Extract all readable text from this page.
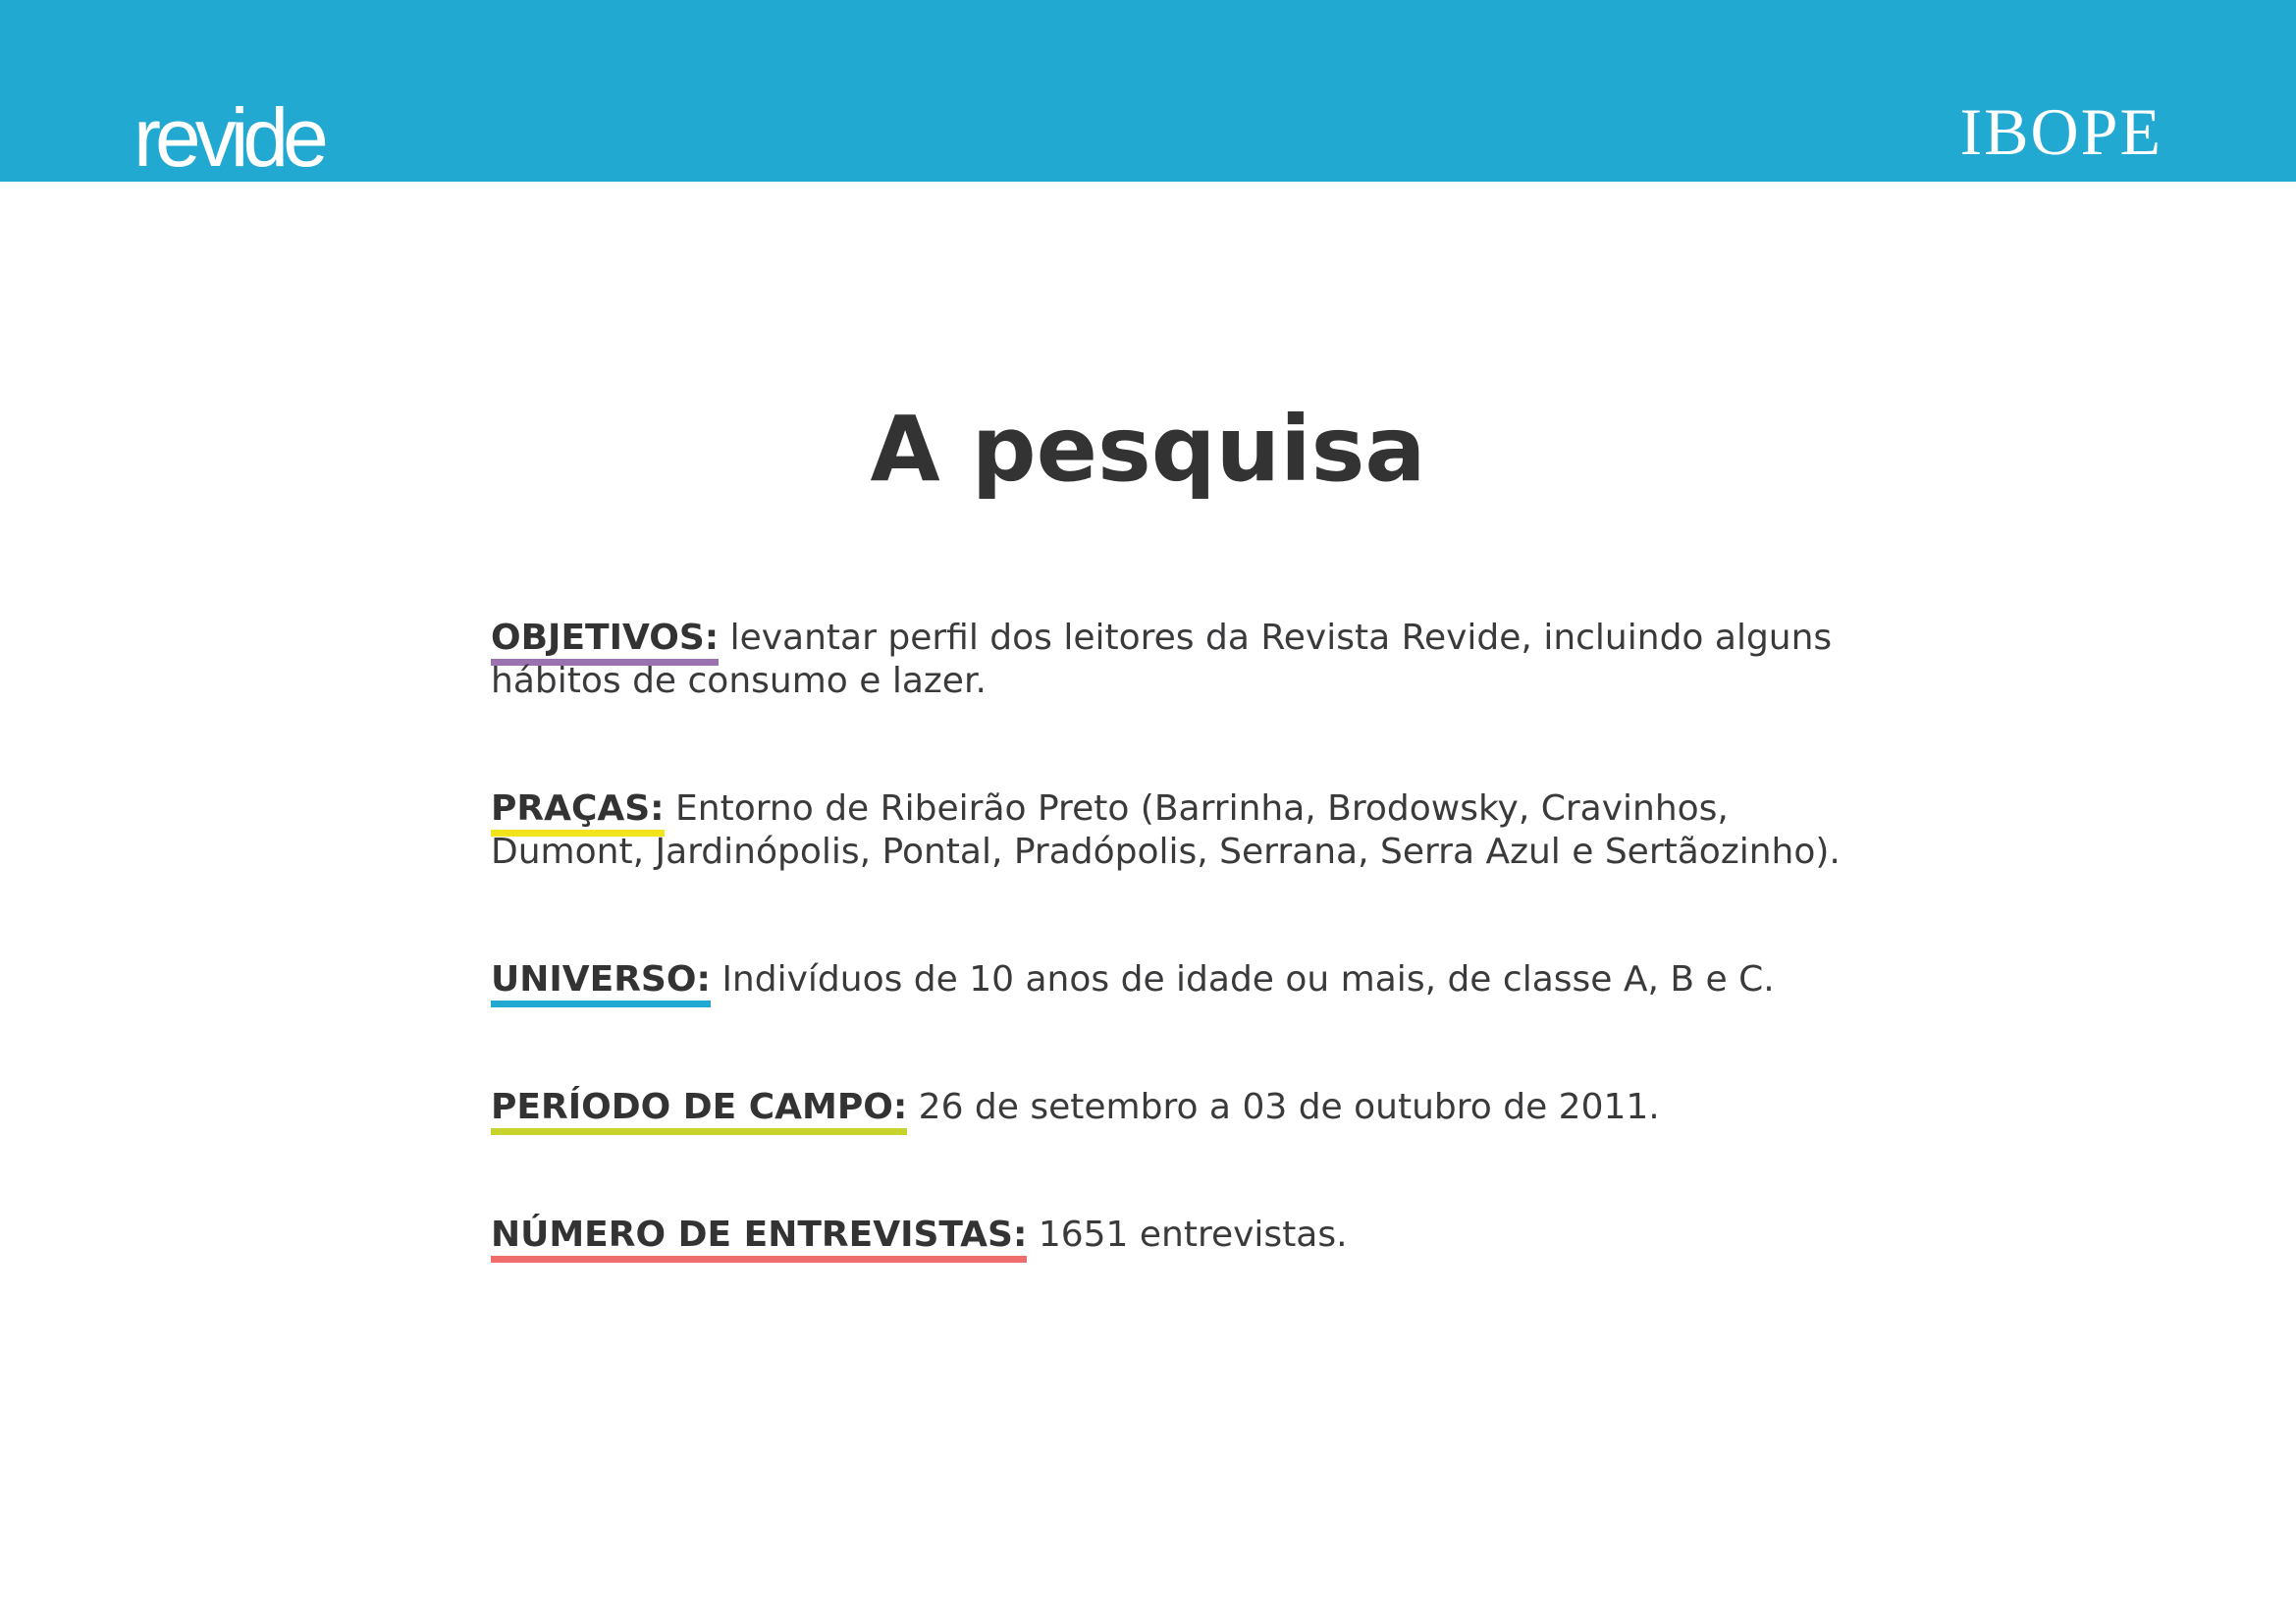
revide	IBOPE
A pesquisa

OBJETIVOS: levantar perfil dos leitores da Revista Revide, incluindo alguns hábitos de consumo e lazer.

PRAÇAS: Entorno de Ribeirão Preto (Barrinha, Brodowsky, Cravinhos, Dumont, Jardinópolis, Pontal, Pradópolis, Serrana, Serra Azul e Sertãozinho).

UNIVERSO: Indivíduos de 10 anos de idade ou mais, de classe A, B e C.

PERÍODO DE CAMPO: 26 de setembro a 03 de outubro de 2011.

NÚMERO DE ENTREVISTAS: 1651 entrevistas.
